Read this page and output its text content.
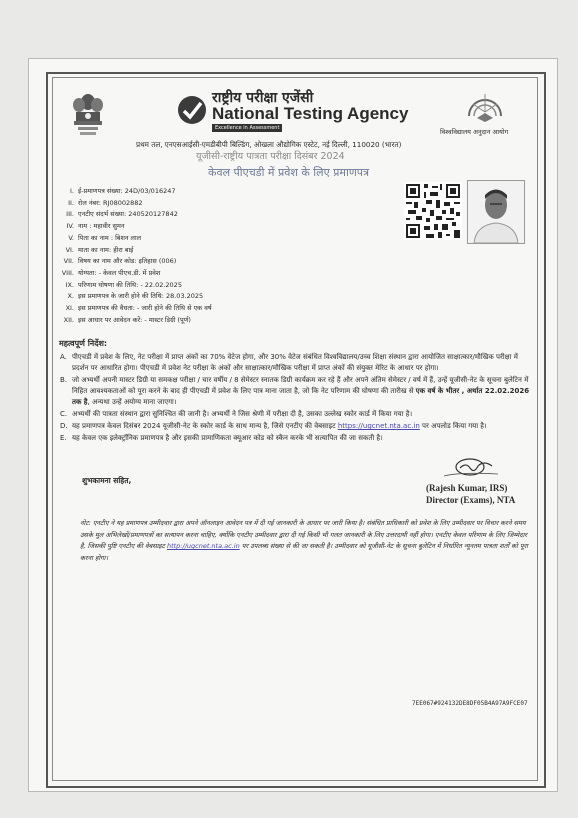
राष्ट्रीय परीक्षा एजेंसी
National Testing Agency
Excellence in Assessment	विश्वविद्यालय अनुदान आयोग
प्रथम तल, एनएसआईसी-एमडीबीपी बिल्डिंग, ओखला औद्योगिक एस्टेट, नई दिल्ली, 110020 (भारत)
यूजीसी-राष्ट्रीय पात्रता परीक्षा दिसंबर 2024
केवल पीएचडी में प्रवेश के लिए प्रमाणपत्र
I. ई-प्रमाणपत्र संख्या: 24D/03/016247
II. रोल नंबर: RJ08002882
III. एनटीए संदर्भ संख्या: 240520127842
IV. नाम : महावीर सुमन
V. पिता का नाम : बिशन लाल
VI. माता का नाम: हीरा बाई
VII. विषय का नाम और कोड: इतिहास (006)
VIII. योग्यता: - केवल पीएच.डी. में प्रवेश
IX. परिणाम घोषणा की तिथि: - 22.02.2025
X. इस प्रमाणपत्र के जारी होने की तिथि: 28.03.2025
XI. इस प्रमाणपत्र की वैधता: - जारी होने की तिथि से एक वर्ष
XII. इस आधार पर आवेदन करें: - मास्टर डिग्री (पूर्ण)
महत्वपूर्ण निर्देश:
A. पीएचडी में प्रवेश के लिए, नेट परीक्षा में प्राप्त अंकों का 70% वेटेज होगा, और 30% वेटेज संबंधित विश्वविद्यालय/उच्च शिक्षा संस्थान द्वारा आयोजित साक्षात्कार/मौखिक परीक्षा में प्रदर्शन पर आधारित होगा। पीएचडी में प्रवेश नेट परीक्षा के अंकों और साक्षात्कार/मौखिक परीक्षा में प्राप्त अंकों की संयुक्त मेरिट के आधार पर होगा।
B. जो अभ्यर्थी अपनी मास्टर डिग्री या समकक्ष परीक्षा / चार वर्षीय / 8 सेमेस्टर स्नातक डिग्री कार्यक्रम कर रहे हैं और अपने अंतिम सेमेस्टर / वर्ष में हैं, उन्हें यूजीसी-नेट के सूचना बुलेटिन में निहित आवश्यकताओं को पूरा करने के बाद ही पीएचडी में प्रवेश के लिए पात्र माना जाता है, जो कि नेट परिणाम की घोषणा की तारीख से एक वर्ष के भीतर , अर्थात 22.02.2026 तक है, अन्यथा उन्हें अयोग्य माना जाएगा।
C. अभ्यर्थी की पात्रता संस्थान द्वारा सुनिश्चित की जानी है। अभ्यर्थी ने जिस श्रेणी में परीक्षा दी है, उसका उल्लेख स्कोर कार्ड में किया गया है।
D. यह प्रमाणपत्र केवल दिसंबर 2024 यूजीसी-नेट के स्कोर कार्ड के साथ मान्य है, जिसे एनटीए की वेबसाइट https://ugcnet.nta.ac.in पर अपलोड किया गया है।
E. यह केवल एक इलेक्ट्रॉनिक प्रमाणपत्र है और इसकी प्रामाणिकता क्यूआर कोड को स्कैन करके भी सत्यापित की जा सकती है।
शुभकामना सहित,
(Rajesh Kumar, IRS)
Director (Exams), NTA
नोट: एनटीए ने यह प्रमाणपत्र उम्मीदवार द्वारा अपने ऑनलाइन आवेदन पत्र में दी गई जानकारी के आधार पर जारी किया है। संबंधित प्राधिकारी को प्रवेश के लिए उम्मीदवार पर विचार करने समय उसके मूल अभिलेखों/प्रमाणपत्रों का सत्यापन करना चाहिए, क्योंकि एनटीए उम्मीदवार द्वारा दी गई किसी भी गलत जानकारी के लिए उत्तरदायी नहीं होगा। एनटीए केवल परिणाम के लिए जिम्मेदार है, जिसकी पुष्टि एनटीए की वेबसाइट http://ugcnet.nta.ac.in पर उपलब्ध संख्या से की जा सकती है। उम्मीदवार को यूजीसी-नेट के सूचना बुलेटिन में निर्धारित न्यूनतम पात्रता शर्तों को पूरा करना होगा।
7EE067#924132DE8DF05B4A97A9FCE07
